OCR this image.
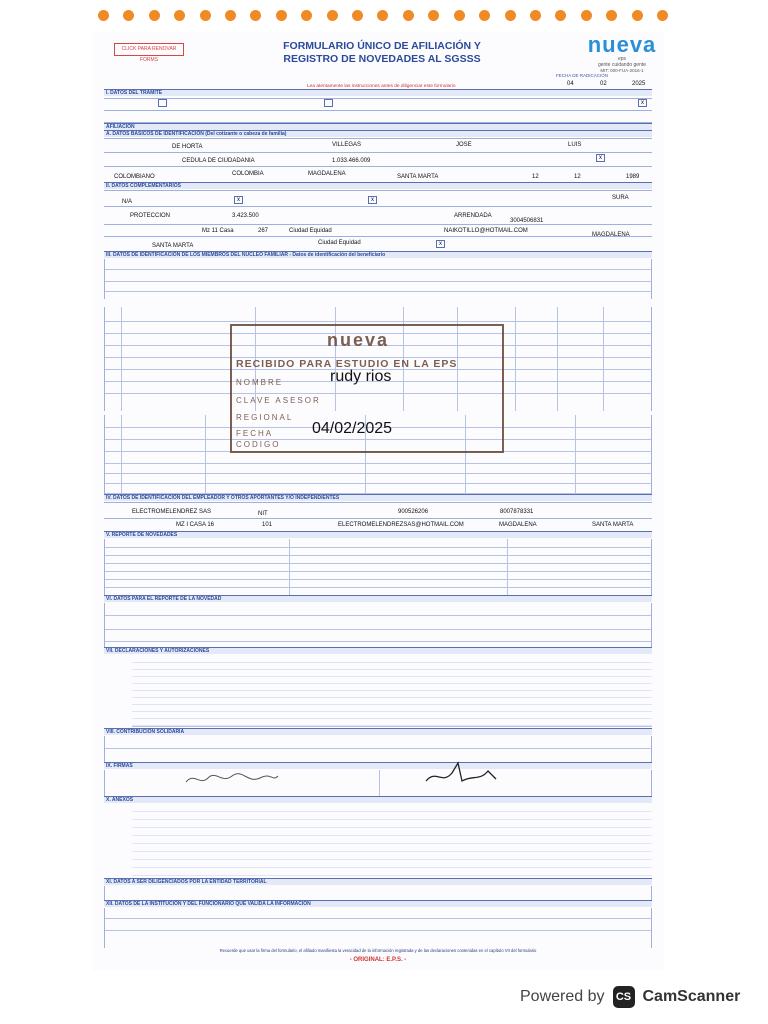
CLICK PARA RENOVAR FORMS
FORMULARIO ÚNICO DE AFILIACIÓN Y
REGISTRO DE NOVEDADES AL SGSSS
nueva
eps
gente cuidando gente
MIT: 000-FUA-2016-1
FECHA DE RADICACIÓN
04	02	2025
Lea atentamente las instrucciones antes de diligenciar este formulario
I. DATOS DEL TRÁMITE
x
AFILIACIÓN
A. DATOS BÁSICOS DE IDENTIFICACIÓN (Del cotizante o cabeza de familia)
DE HORTA	VILLEGAS	JOSE	LUIS
CEDULA DE CIUDADANIA	1.033.466.009	x
COLOMBIANO	COLOMBIA	MAGDALENA	SANTA MARTA	12	12	1989
II. DATOS COMPLEMENTARIOS
N/A	x	x	SURA
PROTECCION	3.423.500	ARRENDADA
3004506831
Mz 11 Casa	267	Ciudad Equidad	NAIKOTILLO@HOTMAIL.COM
MAGDALENA
SANTA MARTA	Ciudad Equidad	x
III. DATOS DE IDENTIFICACIÓN DE LOS MIEMBROS DEL NÚCLEO FAMILIAR - Datos de identificación del beneficiario
nueva
RECIBIDO PARA ESTUDIO EN LA EPS
NOMBRE
CLAVE ASESOR
REGIONAL
FECHA
CODIGO
IV. DATOS DE IDENTIFICACIÓN DEL EMPLEADOR Y OTROS APORTANTES Y/O INDEPENDIENTES
ELECTROMELENDREZ SAS	NIT	900526206	8007878331
MZ I CASA 16	101	ELECTROMELENDREZSAS@HOTMAIL.COM	MAGDALENA	SANTA MARTA
V. REPORTE DE NOVEDADES
VI. DATOS PARA EL REPORTE DE LA NOVEDAD
VII. DECLARACIONES Y AUTORIZACIONES
VIII. CONTRIBUCIÓN SOLIDARIA
IX. FIRMAS
X. ANEXOS
XI. DATOS A SER DILIGENCIADOS POR LA ENTIDAD TERRITORIAL
XII. DATOS DE LA INSTITUCIÓN Y DEL FUNCIONARIO QUE VALIDA LA INFORMACIÓN
Recuerde que usar la firma del formulario, el afiliado manifiesta la veracidad de la información registrada y de las declaraciones contenidas en el capítulo VII del formulario
- ORIGINAL: E.P.S. -
rudy rios
04/02/2025
Powered by	CS CamScanner
